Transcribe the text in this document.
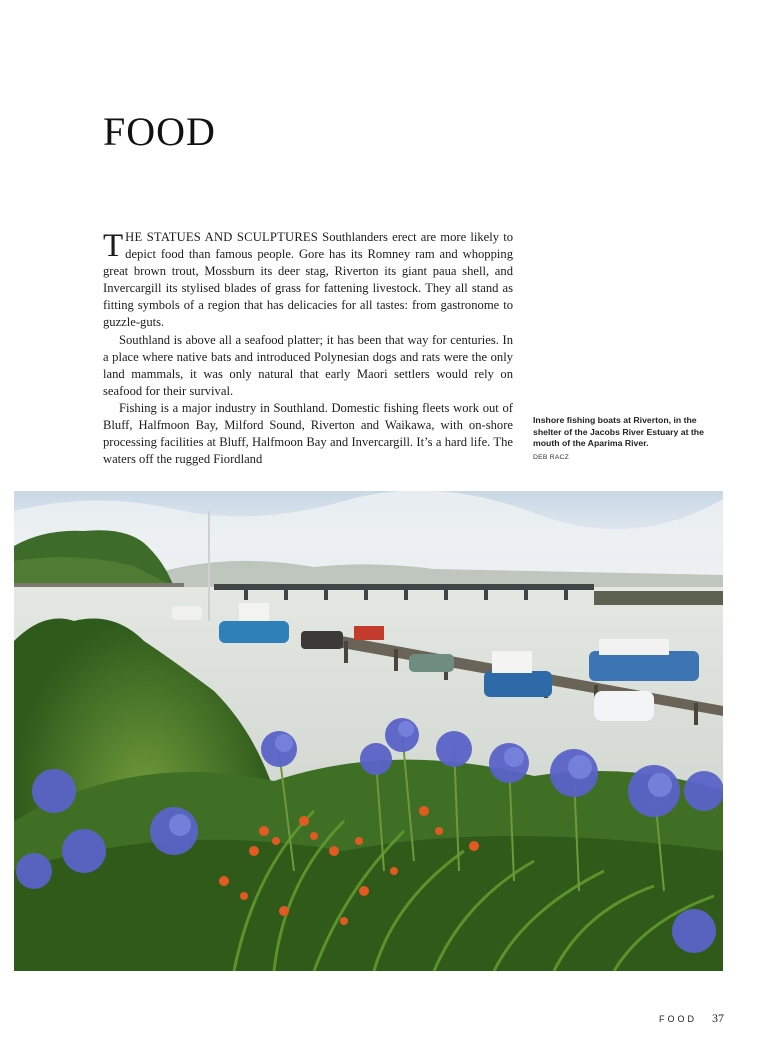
FOOD

THE STATUES AND SCULPTURES Southlanders erect are more likely to depict food than famous people. Gore has its Romney ram and whopping great brown trout, Mossburn its deer stag, Riverton its giant paua shell, and Invercargill its stylised blades of grass for fattening livestock. They all stand as fitting symbols of a region that has delicacies for all tastes: from gastronome to guzzle-guts.

Southland is above all a seafood platter; it has been that way for centuries. In a place where native bats and introduced Polynesian dogs and rats were the only land mammals, it was only natural that early Maori settlers would rely on seafood for their survival.

Fishing is a major industry in Southland. Domestic fishing fleets work out of Bluff, Halfmoon Bay, Milford Sound, Riverton and Waikawa, with on-shore processing facilities at Bluff, Halfmoon Bay and Invercargill. It’s a hard life. The waters off the rugged Fiordland

Inshore fishing boats at Riverton, in the shelter of the Jacobs River Estuary at the mouth of the Aparima River.
DEB RACZ
FOOD 37
